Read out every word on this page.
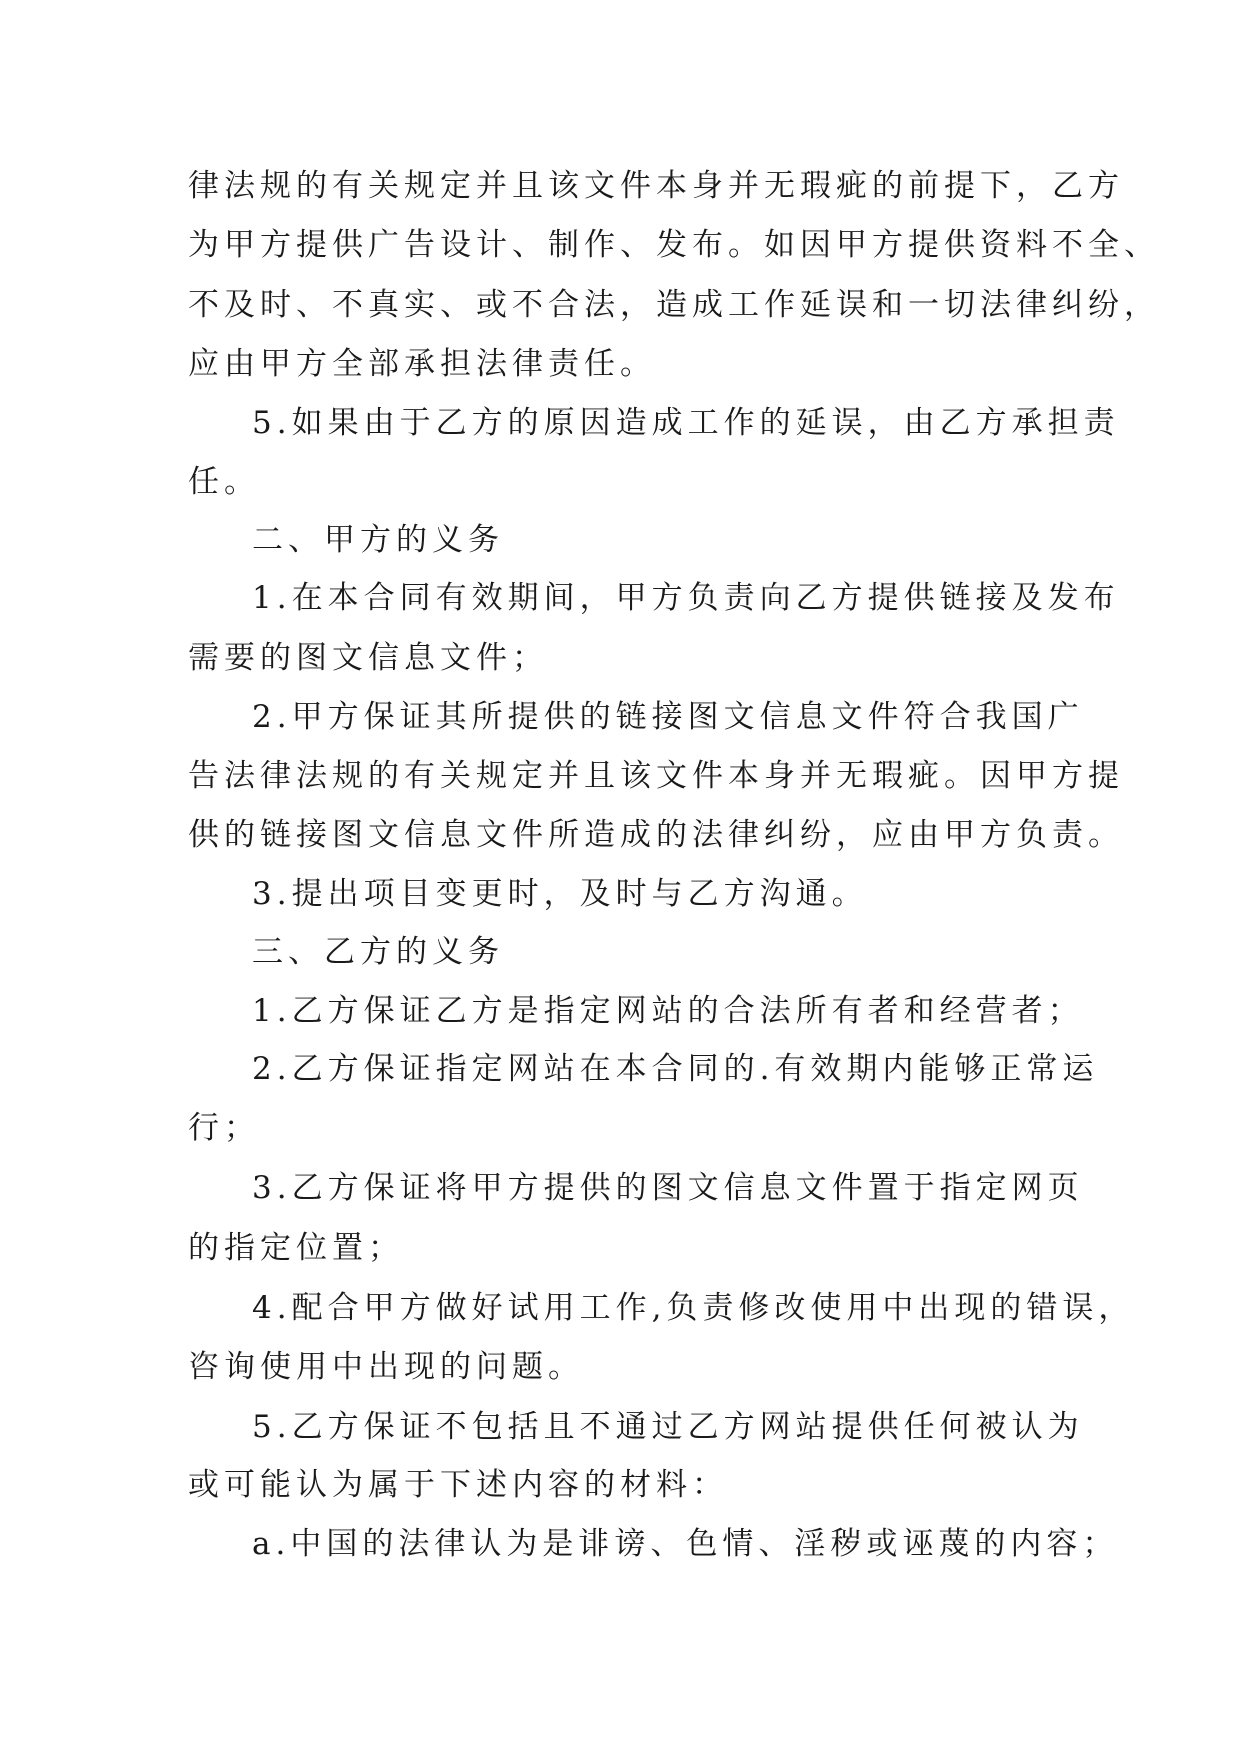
律法规的有关规定并且该文件本身并无瑕疵的前提下，乙方
为甲方提供广告设计、制作、发布。如因甲方提供资料不全、
不及时、不真实、或不合法，造成工作延误和一切法律纠纷，
应由甲方全部承担法律责任。
5.如果由于乙方的原因造成工作的延误，由乙方承担责
任。
二、甲方的义务
1.在本合同有效期间，甲方负责向乙方提供链接及发布
需要的图文信息文件；
2.甲方保证其所提供的链接图文信息文件符合我国广
告法律法规的有关规定并且该文件本身并无瑕疵。因甲方提
供的链接图文信息文件所造成的法律纠纷，应由甲方负责。
3.提出项目变更时，及时与乙方沟通。
三、乙方的义务
1.乙方保证乙方是指定网站的合法所有者和经营者；
2.乙方保证指定网站在本合同的.有效期内能够正常运
行；
3.乙方保证将甲方提供的图文信息文件置于指定网页
的指定位置；
4.配合甲方做好试用工作,负责修改使用中出现的错误，
咨询使用中出现的问题。
5.乙方保证不包括且不通过乙方网站提供任何被认为
或可能认为属于下述内容的材料：
a.中国的法律认为是诽谤、色情、淫秽或诬蔑的内容；
